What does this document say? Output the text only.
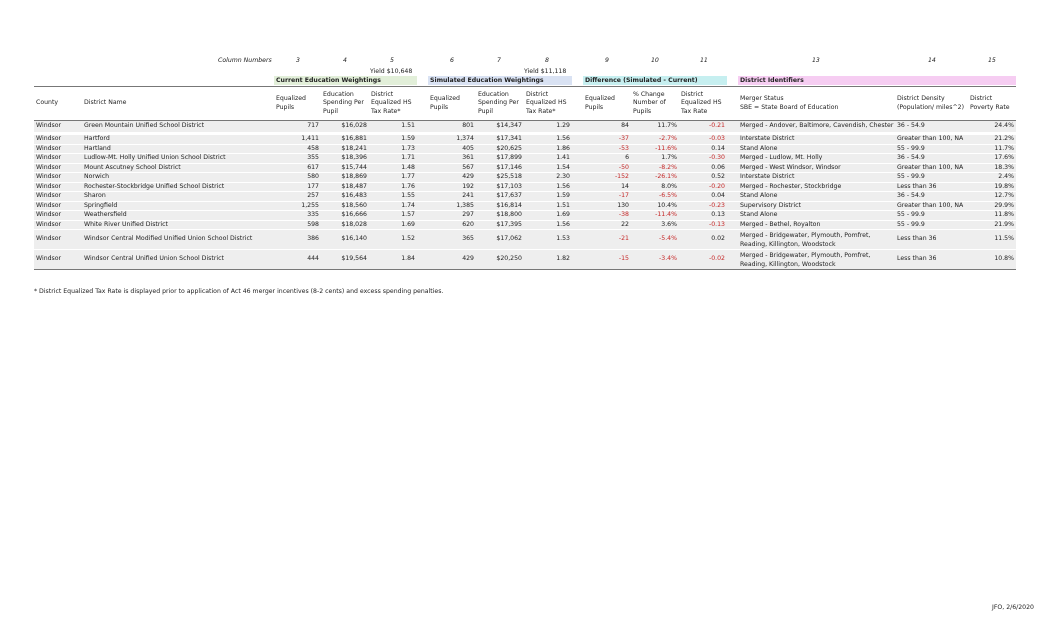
Column Numbers	3	4	5	6	7	8	9	10	11	13	14	15
Yield $10,648	Yield $11,118
Current Education Weightings	Simulated Education Weightings	Difference (Simulated - Current)	District Identifiers
County	District Name	Equalized Pupils	Education Spending Per Pupil	District Equalized HS Tax Rate*		Equalized Pupils	Education Spending Per Pupil	District Equalized HS Tax Rate*		Equalized Pupils	% Change Number of Pupils	District Equalized HS Tax Rate		Merger Status
SBE = State Board of Education	District Density (Population/ miles^2)	District Poverty Rate
Windsor	Green Mountain Unified School District	717	$16,028	1.51		801	$14,347	1.29		84	11.7%	-0.21		Merged - Andover, Baltimore, Cavendish, Chester	36 - 54.9	24.4%
Windsor	Hartford	1,411	$16,881	1.59		1,374	$17,341	1.56		-37	-2.7%	-0.03		Interstate District	Greater than 100, NA	21.2%
Windsor	Hartland	458	$18,241	1.73		405	$20,625	1.86		-53	-11.6%	0.14		Stand Alone	55 - 99.9	11.7%
Windsor	Ludlow-Mt. Holly Unified Union School District	355	$18,396	1.71		361	$17,899	1.41		6	1.7%	-0.30		Merged - Ludlow, Mt. Holly	36 - 54.9	17.6%
Windsor	Mount Ascutney School District	617	$15,744	1.48		567	$17,146	1.54		-50	-8.2%	0.06		Merged - West Windsor, Windsor	Greater than 100, NA	18.3%
Windsor	Norwich	580	$18,869	1.77		429	$25,518	2.30		-152	-26.1%	0.52		Interstate District	55 - 99.9	2.4%
Windsor	Rochester-Stockbridge Unified School District	177	$18,487	1.76		192	$17,103	1.56		14	8.0%	-0.20		Merged - Rochester, Stockbridge	Less than 36	19.8%
Windsor	Sharon	257	$16,483	1.55		241	$17,637	1.59		-17	-6.5%	0.04		Stand Alone	36 - 54.9	12.7%
Windsor	Springfield	1,255	$18,560	1.74		1,385	$16,814	1.51		130	10.4%	-0.23		Supervisory District	Greater than 100, NA	29.9%
Windsor	Weathersfield	335	$16,666	1.57		297	$18,800	1.69		-38	-11.4%	0.13		Stand Alone	55 - 99.9	11.8%
Windsor	White River Unified District	598	$18,028	1.69		620	$17,395	1.56		22	3.6%	-0.13		Merged - Bethel, Royalton	55 - 99.9	21.9%
Windsor	Windsor Central Modified Unified Union School District	386	$16,140	1.52		365	$17,062	1.53		-21	-5.4%	0.02		Merged - Bridgewater, Plymouth, Pomfret, Reading, Killington, Woodstock	Less than 36	11.5%
Windsor	Windsor Central Unified Union School District	444	$19,564	1.84		429	$20,250	1.82		-15	-3.4%	-0.02		Merged - Bridgewater, Plymouth, Pomfret, Reading, Killington, Woodstock	Less than 36	10.8%
* District Equalized Tax Rate is displayed prior to application of Act 46 merger incentives (8-2 cents) and excess spending penalties.
JFO, 2/6/2020
